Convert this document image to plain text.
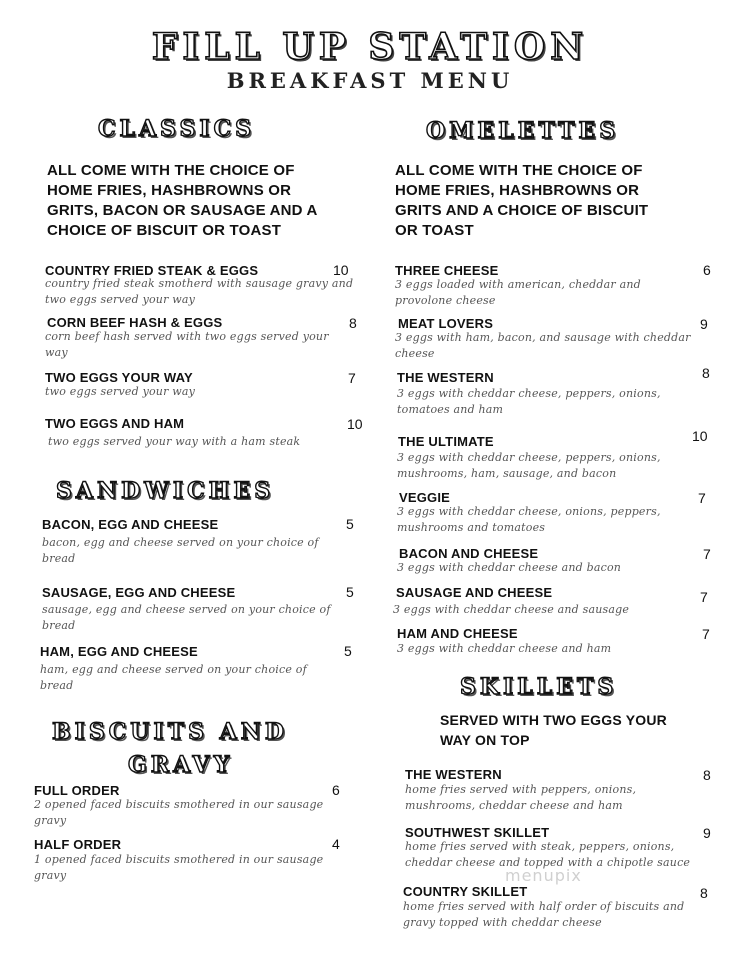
FILL UP STATION
BREAKFAST MENU
CLASSICS
ALL COME WITH THE CHOICE OF HOME FRIES, HASHBROWNS OR GRITS, BACON OR SAUSAGE AND A CHOICE OF BISCUIT OR TOAST
COUNTRY FRIED STEAK & EGGS	10
country fried steak smotherd with sausage gravy and two eggs served your way
CORN BEEF HASH & EGGS	8
corn beef hash served with two eggs served your way
TWO EGGS YOUR WAY	7
two eggs served your way
TWO EGGS AND HAM	10
two eggs served your way with a ham steak
SANDWICHES
BACON, EGG AND CHEESE	5
bacon, egg and cheese served on your choice of bread
SAUSAGE, EGG AND CHEESE	5
sausage, egg and cheese served on your choice of bread
HAM, EGG AND CHEESE	5
ham, egg and cheese served on your choice of bread
BISCUITS AND
GRAVY
FULL ORDER	6
2 opened faced biscuits smothered in our sausage gravy
HALF ORDER	4
1 opened faced biscuits smothered in our sausage gravy
OMELETTES
ALL COME WITH THE CHOICE OF HOME FRIES, HASHBROWNS OR GRITS AND A CHOICE OF BISCUIT OR TOAST
THREE CHEESE	6
3 eggs loaded with american, cheddar and provolone cheese
MEAT LOVERS	9
3 eggs with ham, bacon, and sausage with cheddar cheese
THE WESTERN	8
3 eggs with cheddar cheese, peppers, onions, tomatoes and ham
THE ULTIMATE	10
3 eggs with cheddar cheese, peppers, onions, mushrooms, ham, sausage, and bacon
VEGGIE	7
3 eggs with cheddar cheese, onions, peppers, mushrooms and tomatoes
BACON AND CHEESE	7
3 eggs with cheddar cheese and bacon
SAUSAGE AND CHEESE	7
3 eggs with cheddar cheese and sausage
HAM AND CHEESE	7
3 eggs with cheddar cheese and ham
SKILLETS
SERVED WITH TWO EGGS YOUR WAY ON TOP
THE WESTERN	8
home fries served with peppers, onions, mushrooms, cheddar cheese and ham
SOUTHWEST SKILLET	9
home fries served with steak, peppers, onions, cheddar cheese and topped with a chipotle sauce
menupix
COUNTRY SKILLET	8
home fries served with half order of biscuits and gravy topped with cheddar cheese
